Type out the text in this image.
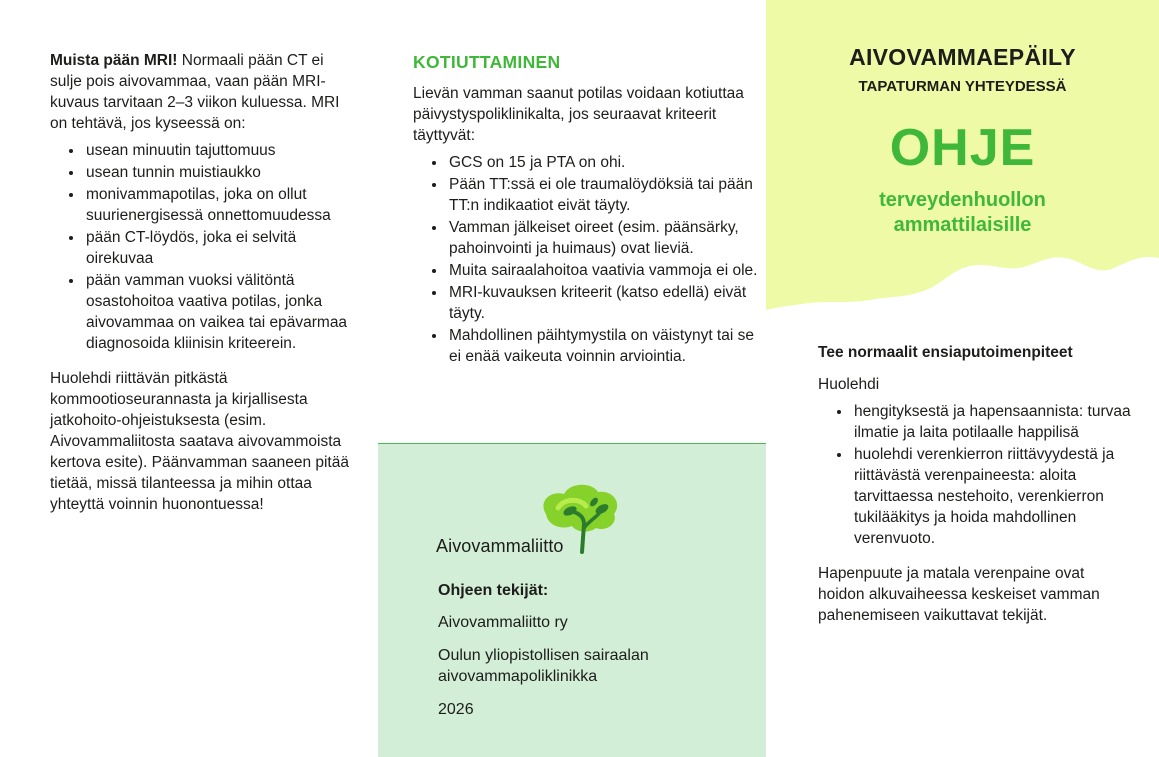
Muista pään MRI! Normaali pään CT ei sulje pois aivovammaa, vaan pään MRI-kuvaus tarvitaan 2–3 viikon kuluessa. MRI on tehtävä, jos kyseessä on:

• usean minuutin tajuttomuus
• usean tunnin muistiaukko
• monivammapotilas, joka on ollut suurienergisessä onnettomuudessa
• pään CT-löydös, joka ei selvitä oirekuvaa
• pään vamman vuoksi välitöntä osastohoitoa vaativa potilas, jonka aivovammaa on vaikea tai epävarmaa diagnosoida kliinisin kriteerein.

Huolehdi riittävän pitkästä kommootioseurannasta ja kirjallisesta jatkohoito-ohjeistuksesta (esim. Aivovammaliitosta saatava aivovammoista kertova esite). Päänvamman saaneen pitää tietää, missä tilanteessa ja mihin ottaa yhteyttä voinnin huonontuessa!

KOTIUTTAMINEN

Lievän vamman saanut potilas voidaan kotiuttaa päivystyspoliklinikalta, jos seuraavat kriteerit täyttyvät:

• GCS on 15 ja PTA on ohi.
• Pään TT:ssä ei ole traumalöydöksiä tai pään TT:n indikaatiot eivät täyty.
• Vamman jälkeiset oireet (esim. päänsärky, pahoinvointi ja huimaus) ovat lieviä.
• Muita sairaalahoitoa vaativia vammoja ei ole.
• MRI-kuvauksen kriteerit (katso edellä) eivät täyty.
• Mahdollinen päihtymystila on väistynyt tai se ei enää vaikeuta voinnin arviointia.
Aivovammaliitto

Ohjeen tekijät:

Aivovammaliitto ry

Oulun yliopistollisen sairaalan aivovammapoliklinikka

2026

AIVOVAMMAEPÄILY
TAPATURMAN YHTEYDESSÄ
OHJE
terveydenhuollon ammattilaisille

Tee normaalit ensiaputoimenpiteet

Huolehdi

• hengityksestä ja hapensaannista: turvaa ilmatie ja laita potilaalle happilisä
• huolehdi verenkierron riittävyydestä ja riittävästä verenpaineesta: aloita tarvittaessa nestehoito, verenkierron tukilääkitys ja hoida mahdollinen verenvuoto.

Hapenpuute ja matala verenpaine ovat hoidon alkuvaiheessa keskeiset vamman pahenemiseen vaikuttavat tekijät.
